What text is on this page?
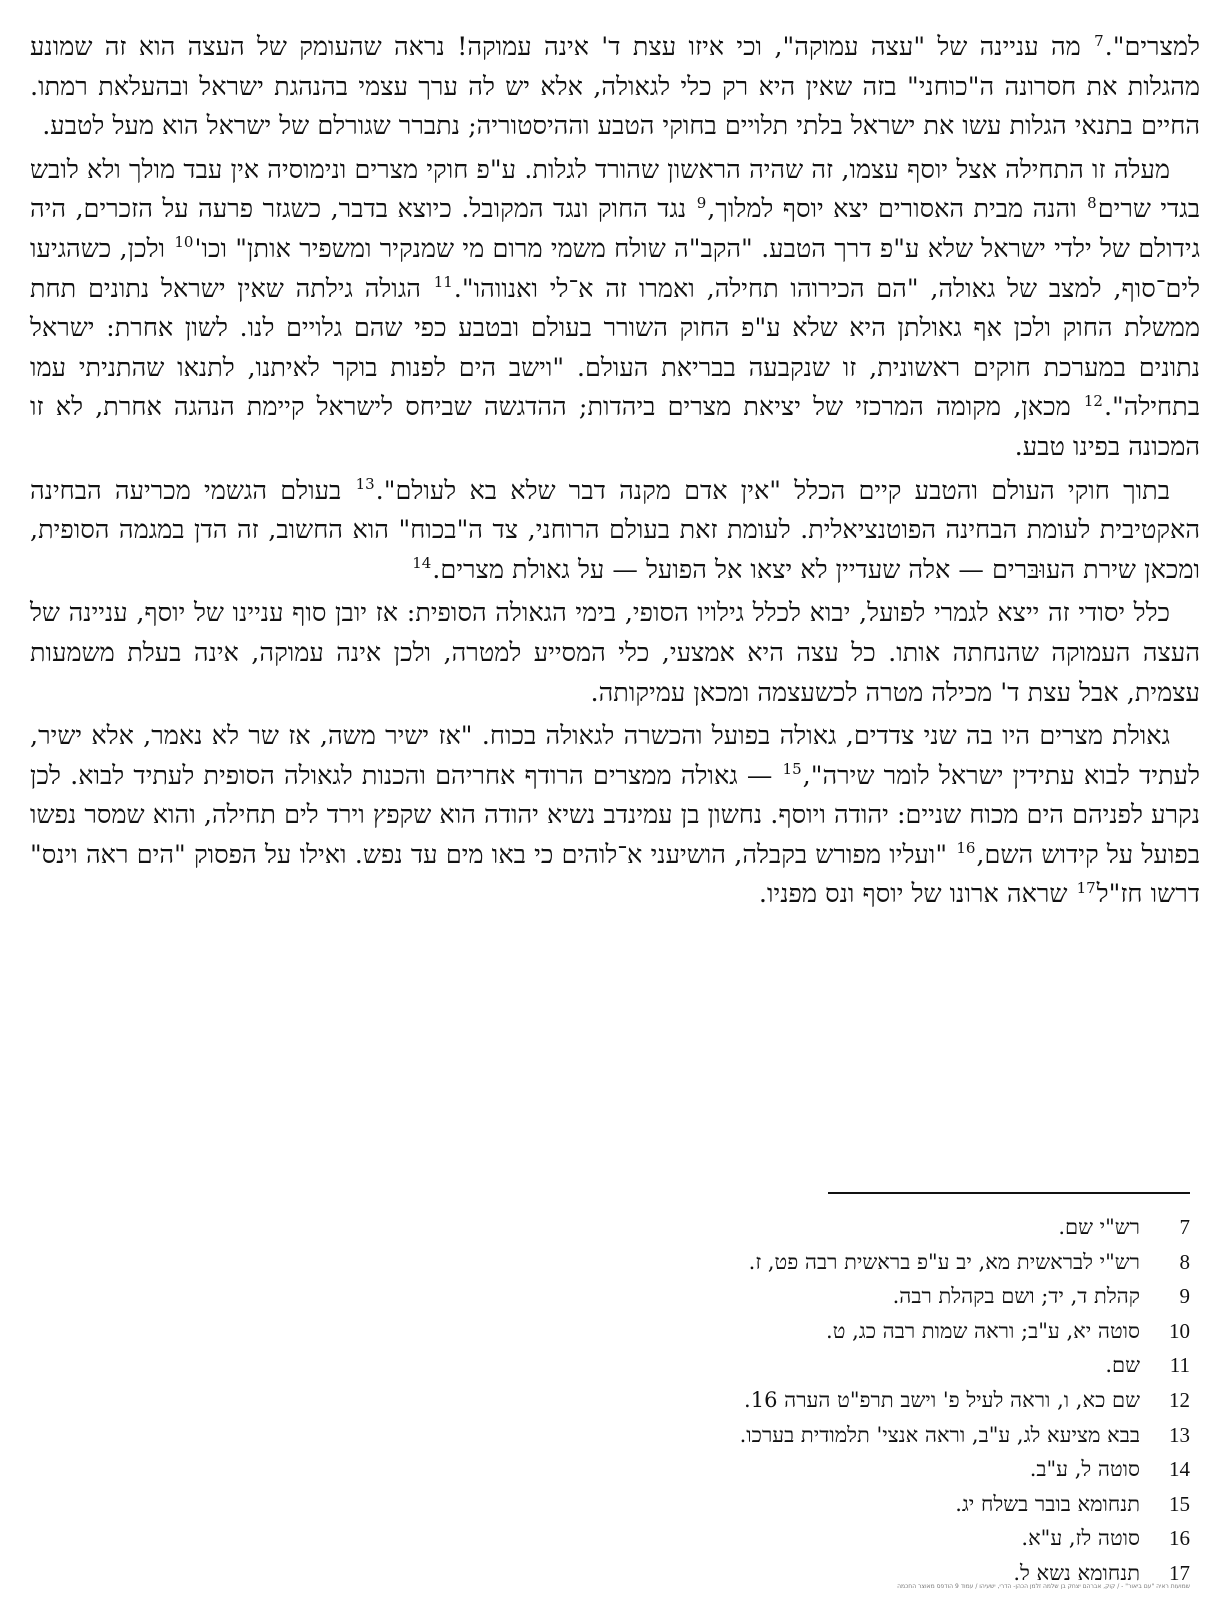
למצרים".$^7$ מה עניינה של "עצה עמוקה", וכי איזו עצת ד' אינה עמוקה! נראה שהעומק של העצה הוא זה שמונע מהגלות את חסרונה ה"כוחני" בזה שאין היא רק כלי לגאולה, אלא יש לה ערך עצמי בהנהגת ישראל ובהעלאת רמתו. החיים בתנאי הגלות עשו את ישראל בלתי תלויים בחוקי הטבע וההיסטוריה; נתברר שגורלם של ישראל הוא מעל לטבע.

מעלה זו התחילה אצל יוסף עצמו, זה שהיה הראשון שהורד לגלות. ע"פ חוקי מצרים ונימוסיה אין עבד מולך ולא לובש בגדי שרים$^8$ והנה מבית האסורים יצא יוסף למלוך,$^9$ נגד החוק ונגד המקובל. כיוצא בדבר, כשגזר פרעה על הזכרים, היה גידולם של ילדי ישראל שלא ע"פ דרך הטבע. "הקב"ה שולח משמי מרום מי שמנקיר ומשפיר אותן" וכו'$^{10}$ ולכן, כשהגיעו לים־סוף, למצב של גאולה, "הם הכירוהו תחילה, ואמרו זה א־לי ואנווהו".$^{11}$ הגולה גילתה שאין ישראל נתונים תחת ממשלת החוק ולכן אף גאולתן היא שלא ע"פ החוק השורר בעולם ובטבע כפי שהם גלויים לנו. לשון אחרת: ישראל נתונים במערכת חוקים ראשונית, זו שנקבעה בבריאת העולם. "וישב הים לפנות בוקר לאיתנו, לתנאו שהתניתי עמו בתחילה".$^{12}$ מכאן, מקומה המרכזי של יציאת מצרים ביהדות; ההדגשה שביחס לישראל קיימת הנהגה אחרת, לא זו המכונה בפינו טבע.

בתוך חוקי העולם והטבע קיים הכלל "אין אדם מקנה דבר שלא בא לעולם".$^{13}$ בעולם הגשמי מכריעה הבחינה האקטיבית לעומת הבחינה הפוטנציאלית. לעומת זאת בעולם הרוחני, צד ה"בכוח" הוא החשוב, זה הדן במגמה הסופית, ומכאן שירת העוּבּרים — אלה שעדיין לא יצאו אל הפועל — על גאולת מצרים.$^{14}$

כלל יסודי זה ייצא לגמרי לפועל, יבוא לכלל גילויו הסופי, בימי הגאולה הסופית: אז יובן סוף עניינו של יוסף, עניינה של העצה העמוקה שהנחתה אותו. כל עצה היא אמצעי, כלי המסייע למטרה, ולכן אינה עמוקה, אינה בעלת משמעות עצמית, אבל עצת ד' מכילה מטרה לכשעצמה ומכאן עמיקותה.

גאולת מצרים היו בה שני צדדים, גאולה בפועל והכשרה לגאולה בכוח. "אז ישיר משה, אז שר לא נאמר, אלא ישיר, לעתיד לבוא עתידין ישראל לומר שירה",$^{15}$ — גאולה ממצרים הרודף אחריהם והכנות לגאולה הסופית לעתיד לבוא. לכן נקרע לפניהם הים מכוח שניים: יהודה ויוסף. נחשון בן עמינדב נשיא יהודה הוא שקפץ וירד לים תחילה, והוא שמסר נפשו בפועל על קידוש השם,$^{16}$ "ועליו מפורש בקבלה, הושיעני א־לוהים כי באו מים עד נפש. ואילו על הפסוק "הים ראה וינס" דרשו חז"ל$^{17}$ שראה ארונו של יוסף ונס מפניו.

7
רש"י שם.
8
רש"י לבראשית מא, יב ע"פ בראשית רבה פט, ז.
9
קהלת ד, יד; ושם בקהלת רבה.
10
סוטה יא, ע"ב; וראה שמות רבה כג, ט.
11
שם.
12
שם כא, ו, וראה לעיל פ' וישב תרפ"ט הערה 16.
13
בבא מציעא לג, ע"ב, וראה אנצי' תלמודית בערכו.
14
סוטה ל, ע"ב.
15
תנחומא בובר בשלח יג.
16
סוטה לז, ע"א.
17
תנחומא נשא ל.
שמועות ראיה "עם ביאור" - / קוק, אברהם יצחק בן שלמה זלמן הכהן- הדרי, ישעיהו / עמוד 9 הודפס מאוצר החכמה
